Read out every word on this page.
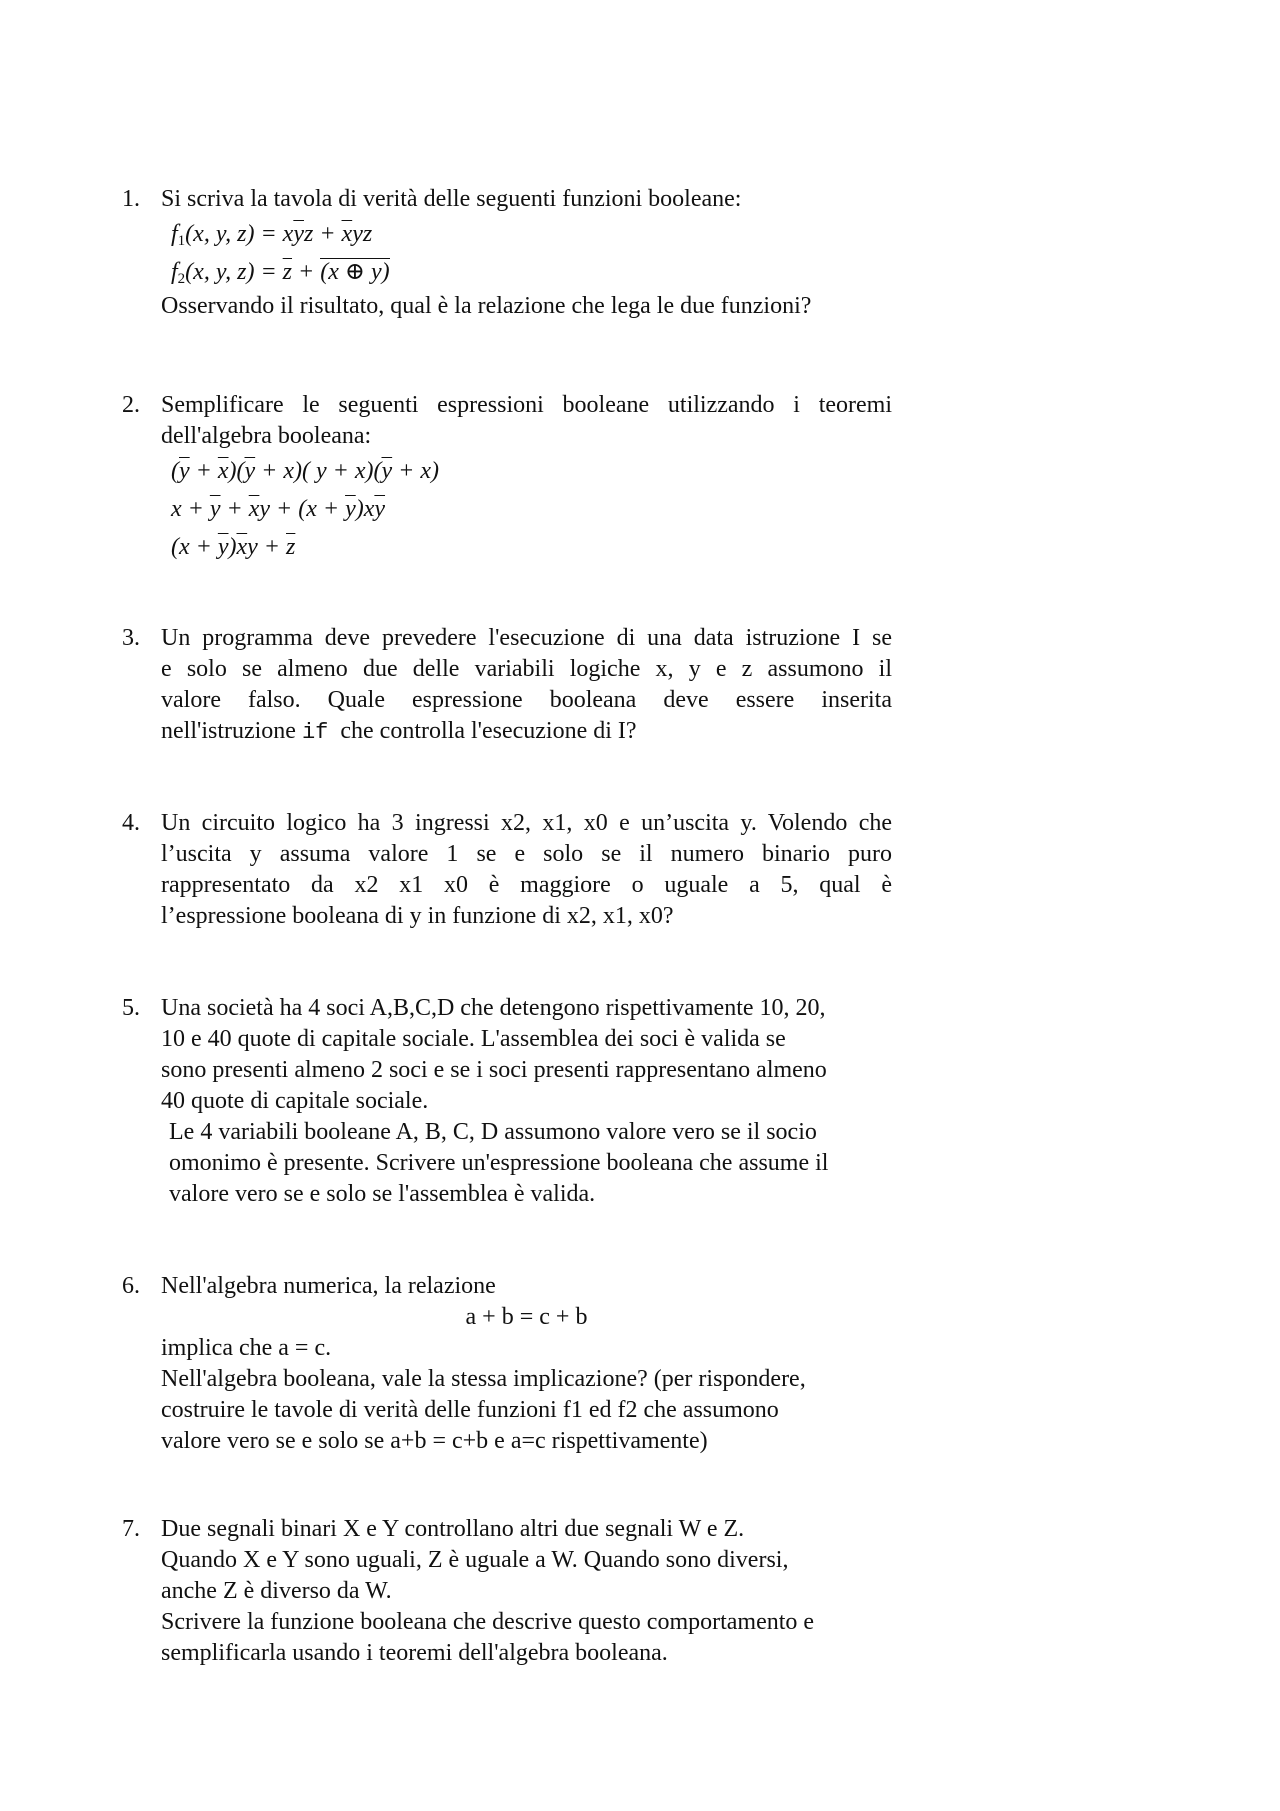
1. Si scriva la tavola di verità delle seguenti funzioni booleane:
$f_1(x$, y, $z) = x\overline{y}z + \overline{x}yz$
$f_2(x$, y, $z) = \overline{z} + (x$ ⊕ y)
Osservando il risultato, qual è la relazione che lega le due funzioni?
2. Semplificare le seguenti espressioni booleane utilizzando i teoremi
dell'algebra booleana:
$(\overline{y} + \overline{x})(\overline{y} + x)$( $y + x)(\overline{y} + x)$
$x + \overline{y} + \overline{x}y + (x + \overline{y})x\overline{y}$
$(x + \overline{y})\overline{x}y + \overline{z}$
3. Un programma deve prevedere l'esecuzione di una data istruzione I se
e solo se almeno due delle variabili logiche x, y e z assumono il
valore falso. Quale espressione booleana deve essere inserita
nell'istruzione if che controlla l'esecuzione di I?
4. Un circuito logico ha 3 ingressi x2, x1, x0 e un’uscita y. Volendo che
l’uscita y assuma valore 1 se e solo se il numero binario puro
rappresentato da x2 x1 x0 è maggiore o uguale a 5, qual è
l’espressione booleana di y in funzione di x2, x1, x0?
5. Una società ha 4 soci A,B,C,D che detengono rispettivamente 10, 20,
10 e 40 quote di capitale sociale. L'assemblea dei soci è valida se
sono presenti almeno 2 soci e se i soci presenti rappresentano almeno
40 quote di capitale sociale.
Le 4 variabili booleane A, B, C, D assumono valore vero se il socio
omonimo è presente. Scrivere un'espressione booleana che assume il
valore vero se e solo se l'assemblea è valida.
6. Nell'algebra numerica, la relazione
a + b = c + b
implica che a = c.
Nell'algebra booleana, vale la stessa implicazione? (per rispondere,
costruire le tavole di verità delle funzioni f1 ed f2 che assumono
valore vero se e solo se a+b = c+b e a=c rispettivamente)
7. Due segnali binari X e Y controllano altri due segnali W e Z.
Quando X e Y sono uguali, Z è uguale a W. Quando sono diversi,
anche Z è diverso da W.
Scrivere la funzione booleana che descrive questo comportamento e
semplificarla usando i teoremi dell'algebra booleana.
